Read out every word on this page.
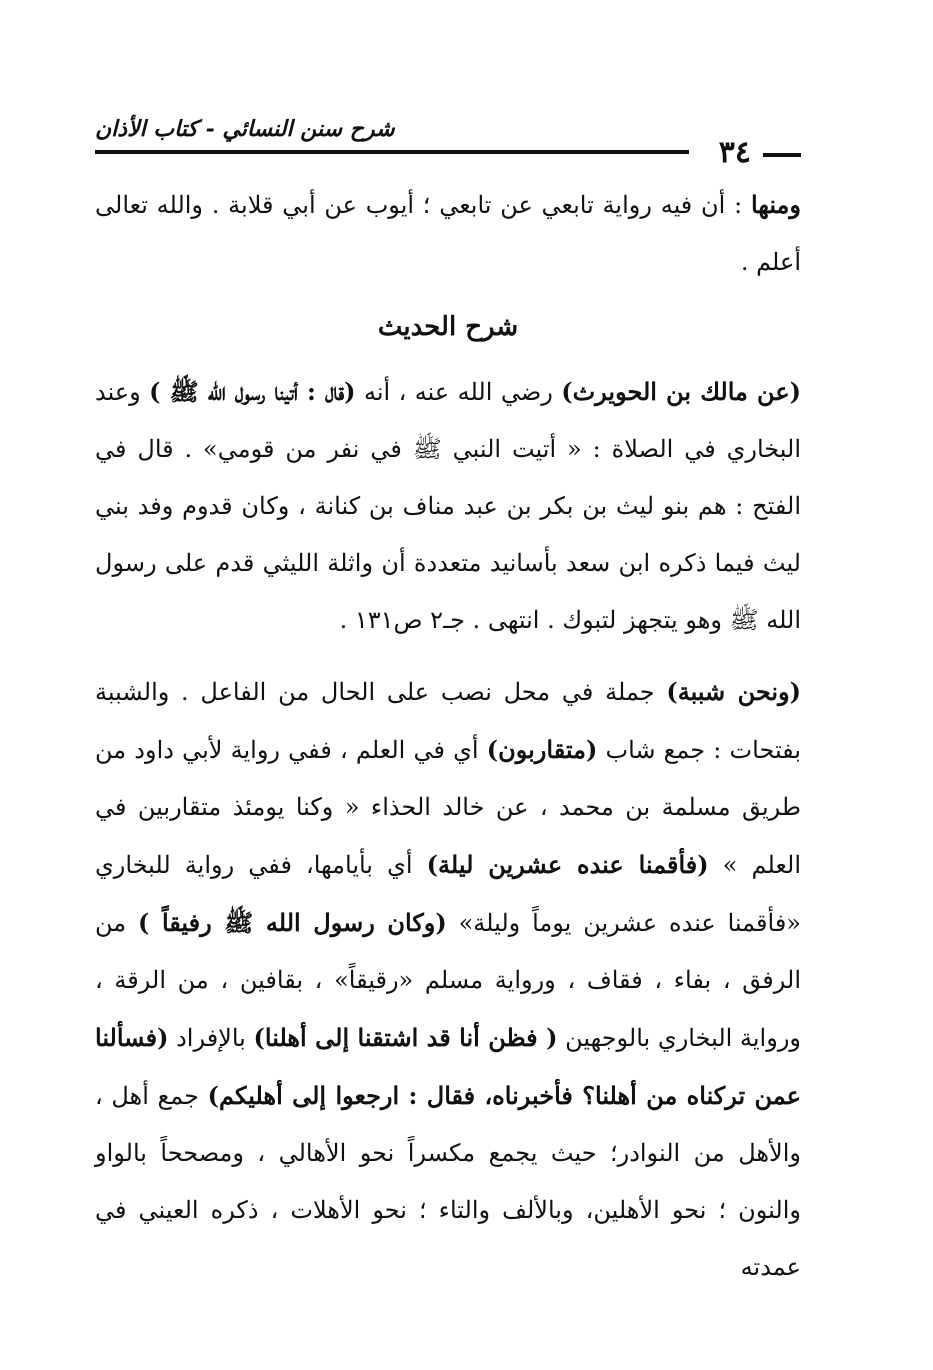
٣٤
شرح سنن النسائي - كتاب الأذان

ومنها : أن فيه رواية تابعي عن تابعي ؛ أيوب عن أبي قلابة . والله تعالى أعلم .

شرح الحديث

(عن مالك بن الحويرث) رضي الله عنه ، أنه (قال : أتينا رسول الله ﷺ ) وعند البخاري في الصلاة : « أتيت النبي ﷺ في نفر من قومي» . قال في الفتح : هم بنو ليث بن بكر بن عبد مناف بن كنانة ، وكان قدوم وفد بني ليث فيما ذكره ابن سعد بأسانيد متعددة أن واثلة الليثي قدم على رسول الله ﷺ وهو يتجهز لتبوك . انتهى . جـ٢ ص١٣١ .

(ونحن شببة) جملة في محل نصب على الحال من الفاعل . والشببة بفتحات : جمع شاب (متقاربون) أي في العلم ، ففي رواية لأبي داود من طريق مسلمة بن محمد ، عن خالد الحذاء « وكنا يومئذ متقاربين في العلم » (فأقمنا عنده عشرين ليلة) أي بأيامها، ففي رواية للبخاري «فأقمنا عنده عشرين يوماً وليلة» (وكان رسول الله ﷺ رفيقاً ) من الرفق ، بفاء ، فقاف ، ورواية مسلم «رقيقاً» ، بقافين ، من الرقة ، ورواية البخاري بالوجهين ( فظن أنا قد اشتقنا إلى أهلنا) بالإفراد (فسألنا عمن تركناه من أهلنا؟ فأخبرناه، فقال : ارجعوا إلى أهليكم) جمع أهل ، والأهل من النوادر؛ حيث يجمع مكسراً نحو الأهالي ، ومصححاً بالواو والنون ؛ نحو الأهلين، وبالألف والتاء ؛ نحو الأهلات ، ذكره العيني في عمدته
